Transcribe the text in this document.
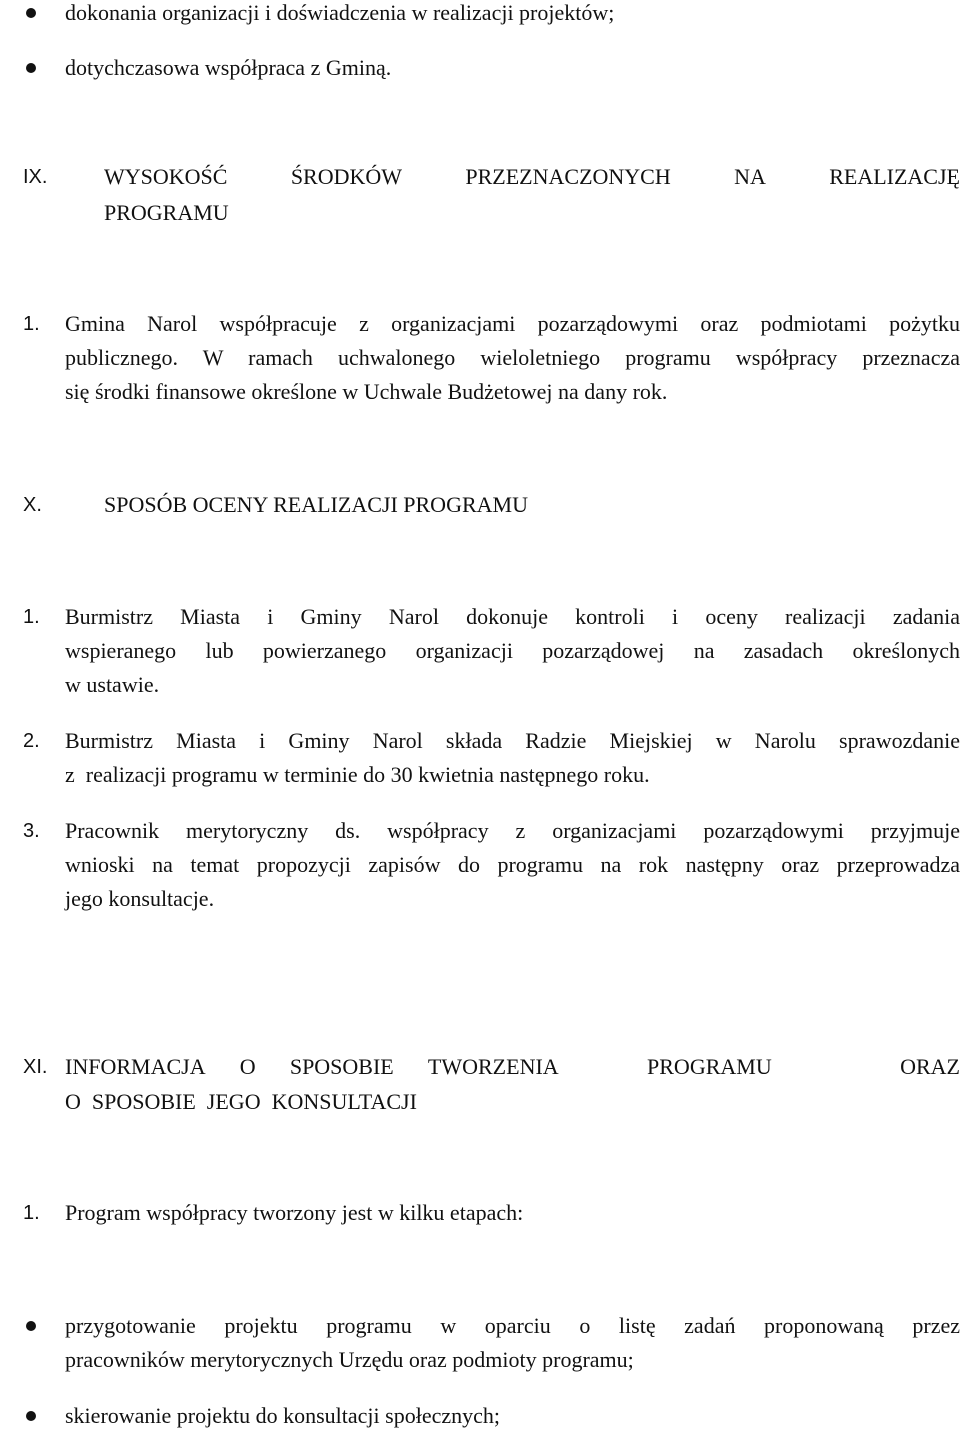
dokonania organizacji i doświadczenia w realizacji projektów;
dotychczasowa współpraca z Gminą.
IX.	WYSOKOŚĆ	ŚRODKÓW	PRZEZNACZONYCH	NA	REALIZACJĘ
PROGRAMU
1. Gmina Narol współpracuje z organizacjami pozarządowymi oraz podmiotami pożytku
publicznego. W ramach uchwalonego wieloletniego programu współpracy przeznacza
się środki finansowe określone w Uchwale Budżetowej na dany rok.
X.	SPOSÓB OCENY REALIZACJI PROGRAMU
1. Burmistrz Miasta i Gminy Narol dokonuje kontroli i oceny realizacji zadania
wspieranego lub powierzanego organizacji pozarządowej na zasadach określonych
w ustawie.
2. Burmistrz Miasta i Gminy Narol składa Radzie Miejskiej w Narolu sprawozdanie
z  realizacji programu w terminie do 30 kwietnia następnego roku.
3. Pracownik merytoryczny ds. współpracy z organizacjami pozarządowymi przyjmuje
wnioski na temat propozycji zapisów do programu na rok następny oraz przeprowadza
jego konsultacje.
XI. INFORMACJA O SPOSOBIE TWORZENIA	PROGRAMU	ORAZ
O  SPOSOBIE  JEGO  KONSULTACJI
1. Program współpracy tworzony jest w kilku etapach:
przygotowanie projektu programu w oparciu o listę zadań proponowaną przez
pracowników merytorycznych Urzędu oraz podmioty programu;
skierowanie projektu do konsultacji społecznych;
